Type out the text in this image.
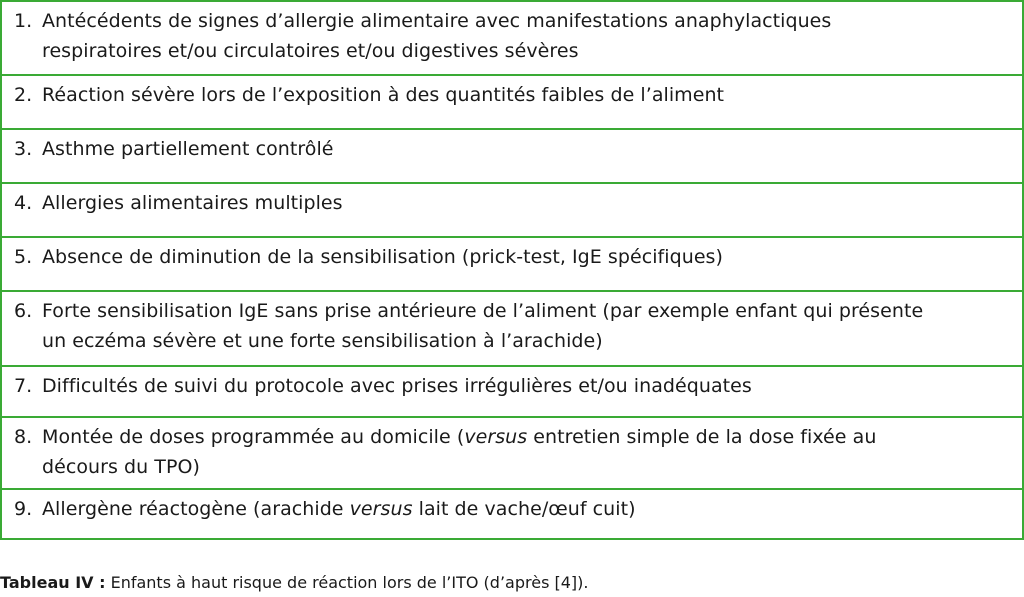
1. Antécédents de signes d’allergie alimentaire avec manifestations anaphylactiques respiratoires et/ou circulatoires et/ou digestives sévères
2. Réaction sévère lors de l’exposition à des quantités faibles de l’aliment
3. Asthme partiellement contrôlé
4. Allergies alimentaires multiples
5. Absence de diminution de la sensibilisation (prick-test, IgE spécifiques)
6. Forte sensibilisation IgE sans prise antérieure de l’aliment (par exemple enfant qui présente un eczéma sévère et une forte sensibilisation à l’arachide)
7. Difficultés de suivi du protocole avec prises irrégulières et/ou inadéquates
8. Montée de doses programmée au domicile (versus entretien simple de la dose fixée au décours du TPO)
9. Allergène réactogène (arachide versus lait de vache/œuf cuit)
Tableau IV : Enfants à haut risque de réaction lors de l’ITO (d’après [4]).
